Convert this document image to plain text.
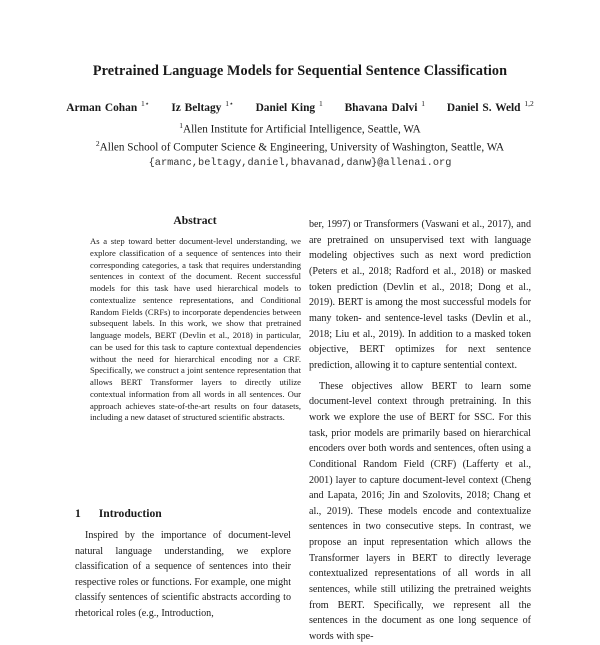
Pretrained Language Models for Sequential Sentence Classification
Arman Cohan $^{1⋆}$ Iz Beltagy $^{1⋆}$ Daniel King $^1$ Bhavana Dalvi $^1$ Daniel S. Weld $^{1,2}$
$^1$Allen Institute for Artificial Intelligence, Seattle, WA
$^2$Allen School of Computer Science & Engineering, University of Washington, Seattle, WA
{armanc,beltagy,daniel,bhavanad,danw}@allenai.org
Abstract
As a step toward better document-level understanding, we explore classification of a sequence of sentences into their corresponding categories, a task that requires understanding sentences in context of the document. Recent successful models for this task have used hierarchical models to contextualize sentence representations, and Conditional Random Fields (CRFs) to incorporate dependencies between subsequent labels. In this work, we show that pretrained language models, BERT (Devlin et al., 2018) in particular, can be used for this task to capture contextual dependencies without the need for hierarchical encoding nor a CRF. Specifically, we construct a joint sentence representation that allows BERT Transformer layers to directly utilize contextual information from all words in all sentences. Our approach achieves state-of-the-art results on four datasets, including a new dataset of structured scientific abstracts.
1 Introduction

Inspired by the importance of document-level natural language understanding, we explore classification of a sequence of sentences into their respective roles or functions. For example, one might classify sentences of scientific abstracts according to rhetorical roles (e.g., Introduction,

ber, 1997) or Transformers (Vaswani et al., 2017), and are pretrained on unsupervised text with language modeling objectives such as next word prediction (Peters et al., 2018; Radford et al., 2018) or masked token prediction (Devlin et al., 2018; Dong et al., 2019). BERT is among the most successful models for many token- and sentence-level tasks (Devlin et al., 2018; Liu et al., 2019). In addition to a masked token objective, BERT optimizes for next sentence prediction, allowing it to capture sentential context.

These objectives allow BERT to learn some document-level context through pretraining. In this work we explore the use of BERT for SSC. For this task, prior models are primarily based on hierarchical encoders over both words and sentences, often using a Conditional Random Field (CRF) (Lafferty et al., 2001) layer to capture document-level context (Cheng and Lapata, 2016; Jin and Szolovits, 2018; Chang et al., 2019). These models encode and contextualize sentences in two consecutive steps. In contrast, we propose an input representation which allows the Transformer layers in BERT to directly leverage contextualized representations of all words in all sentences, while still utilizing the pretrained weights from BERT. Specifically, we represent all the sentences in the document as one long sequence of words with spe-
